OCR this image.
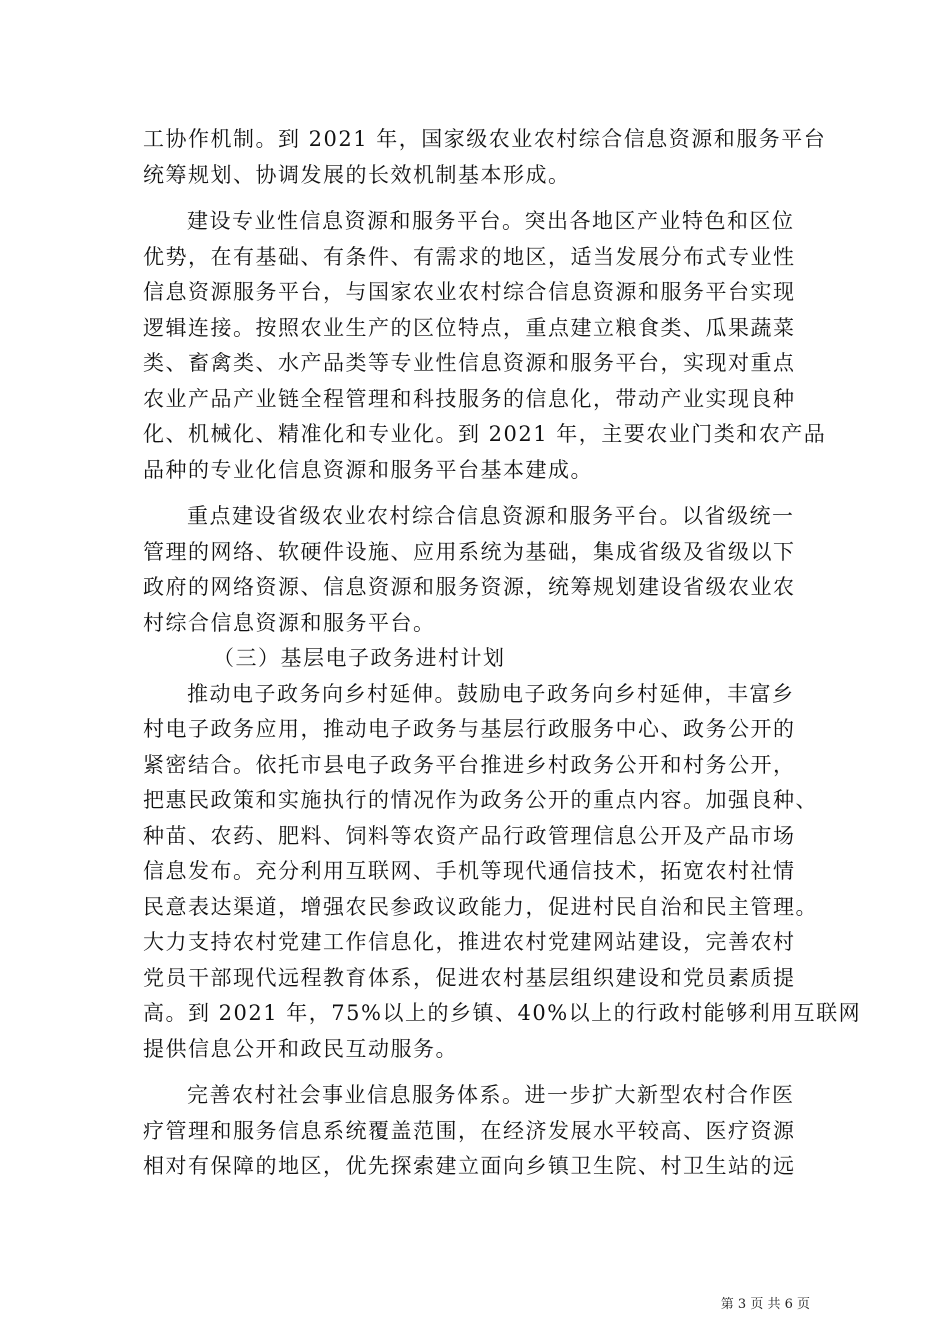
工协作机制。到 2021 年，国家级农业农村综合信息资源和服务平台
统筹规划、协调发展的长效机制基本形成。
建设专业性信息资源和服务平台。突出各地区产业特色和区位
优势，在有基础、有条件、有需求的地区，适当发展分布式专业性
信息资源服务平台，与国家农业农村综合信息资源和服务平台实现
逻辑连接。按照农业生产的区位特点，重点建立粮食类、瓜果蔬菜
类、畜禽类、水产品类等专业性信息资源和服务平台，实现对重点
农业产品产业链全程管理和科技服务的信息化，带动产业实现良种
化、机械化、精准化和专业化。到 2021 年，主要农业门类和农产品
品种的专业化信息资源和服务平台基本建成。
重点建设省级农业农村综合信息资源和服务平台。以省级统一
管理的网络、软硬件设施、应用系统为基础，集成省级及省级以下
政府的网络资源、信息资源和服务资源，统筹规划建设省级农业农
村综合信息资源和服务平台。
（三）基层电子政务进村计划
推动电子政务向乡村延伸。鼓励电子政务向乡村延伸，丰富乡
村电子政务应用，推动电子政务与基层行政服务中心、政务公开的
紧密结合。依托市县电子政务平台推进乡村政务公开和村务公开，
把惠民政策和实施执行的情况作为政务公开的重点内容。加强良种、
种苗、农药、肥料、饲料等农资产品行政管理信息公开及产品市场
信息发布。充分利用互联网、手机等现代通信技术，拓宽农村社情
民意表达渠道，增强农民参政议政能力，促进村民自治和民主管理。
大力支持农村党建工作信息化，推进农村党建网站建设，完善农村
党员干部现代远程教育体系，促进农村基层组织建设和党员素质提
高。到 2021 年，75%以上的乡镇、40%以上的行政村能够利用互联网
提供信息公开和政民互动服务。
完善农村社会事业信息服务体系。进一步扩大新型农村合作医
疗管理和服务信息系统覆盖范围，在经济发展水平较高、医疗资源
相对有保障的地区，优先探索建立面向乡镇卫生院、村卫生站的远
第 3 页 共 6 页
